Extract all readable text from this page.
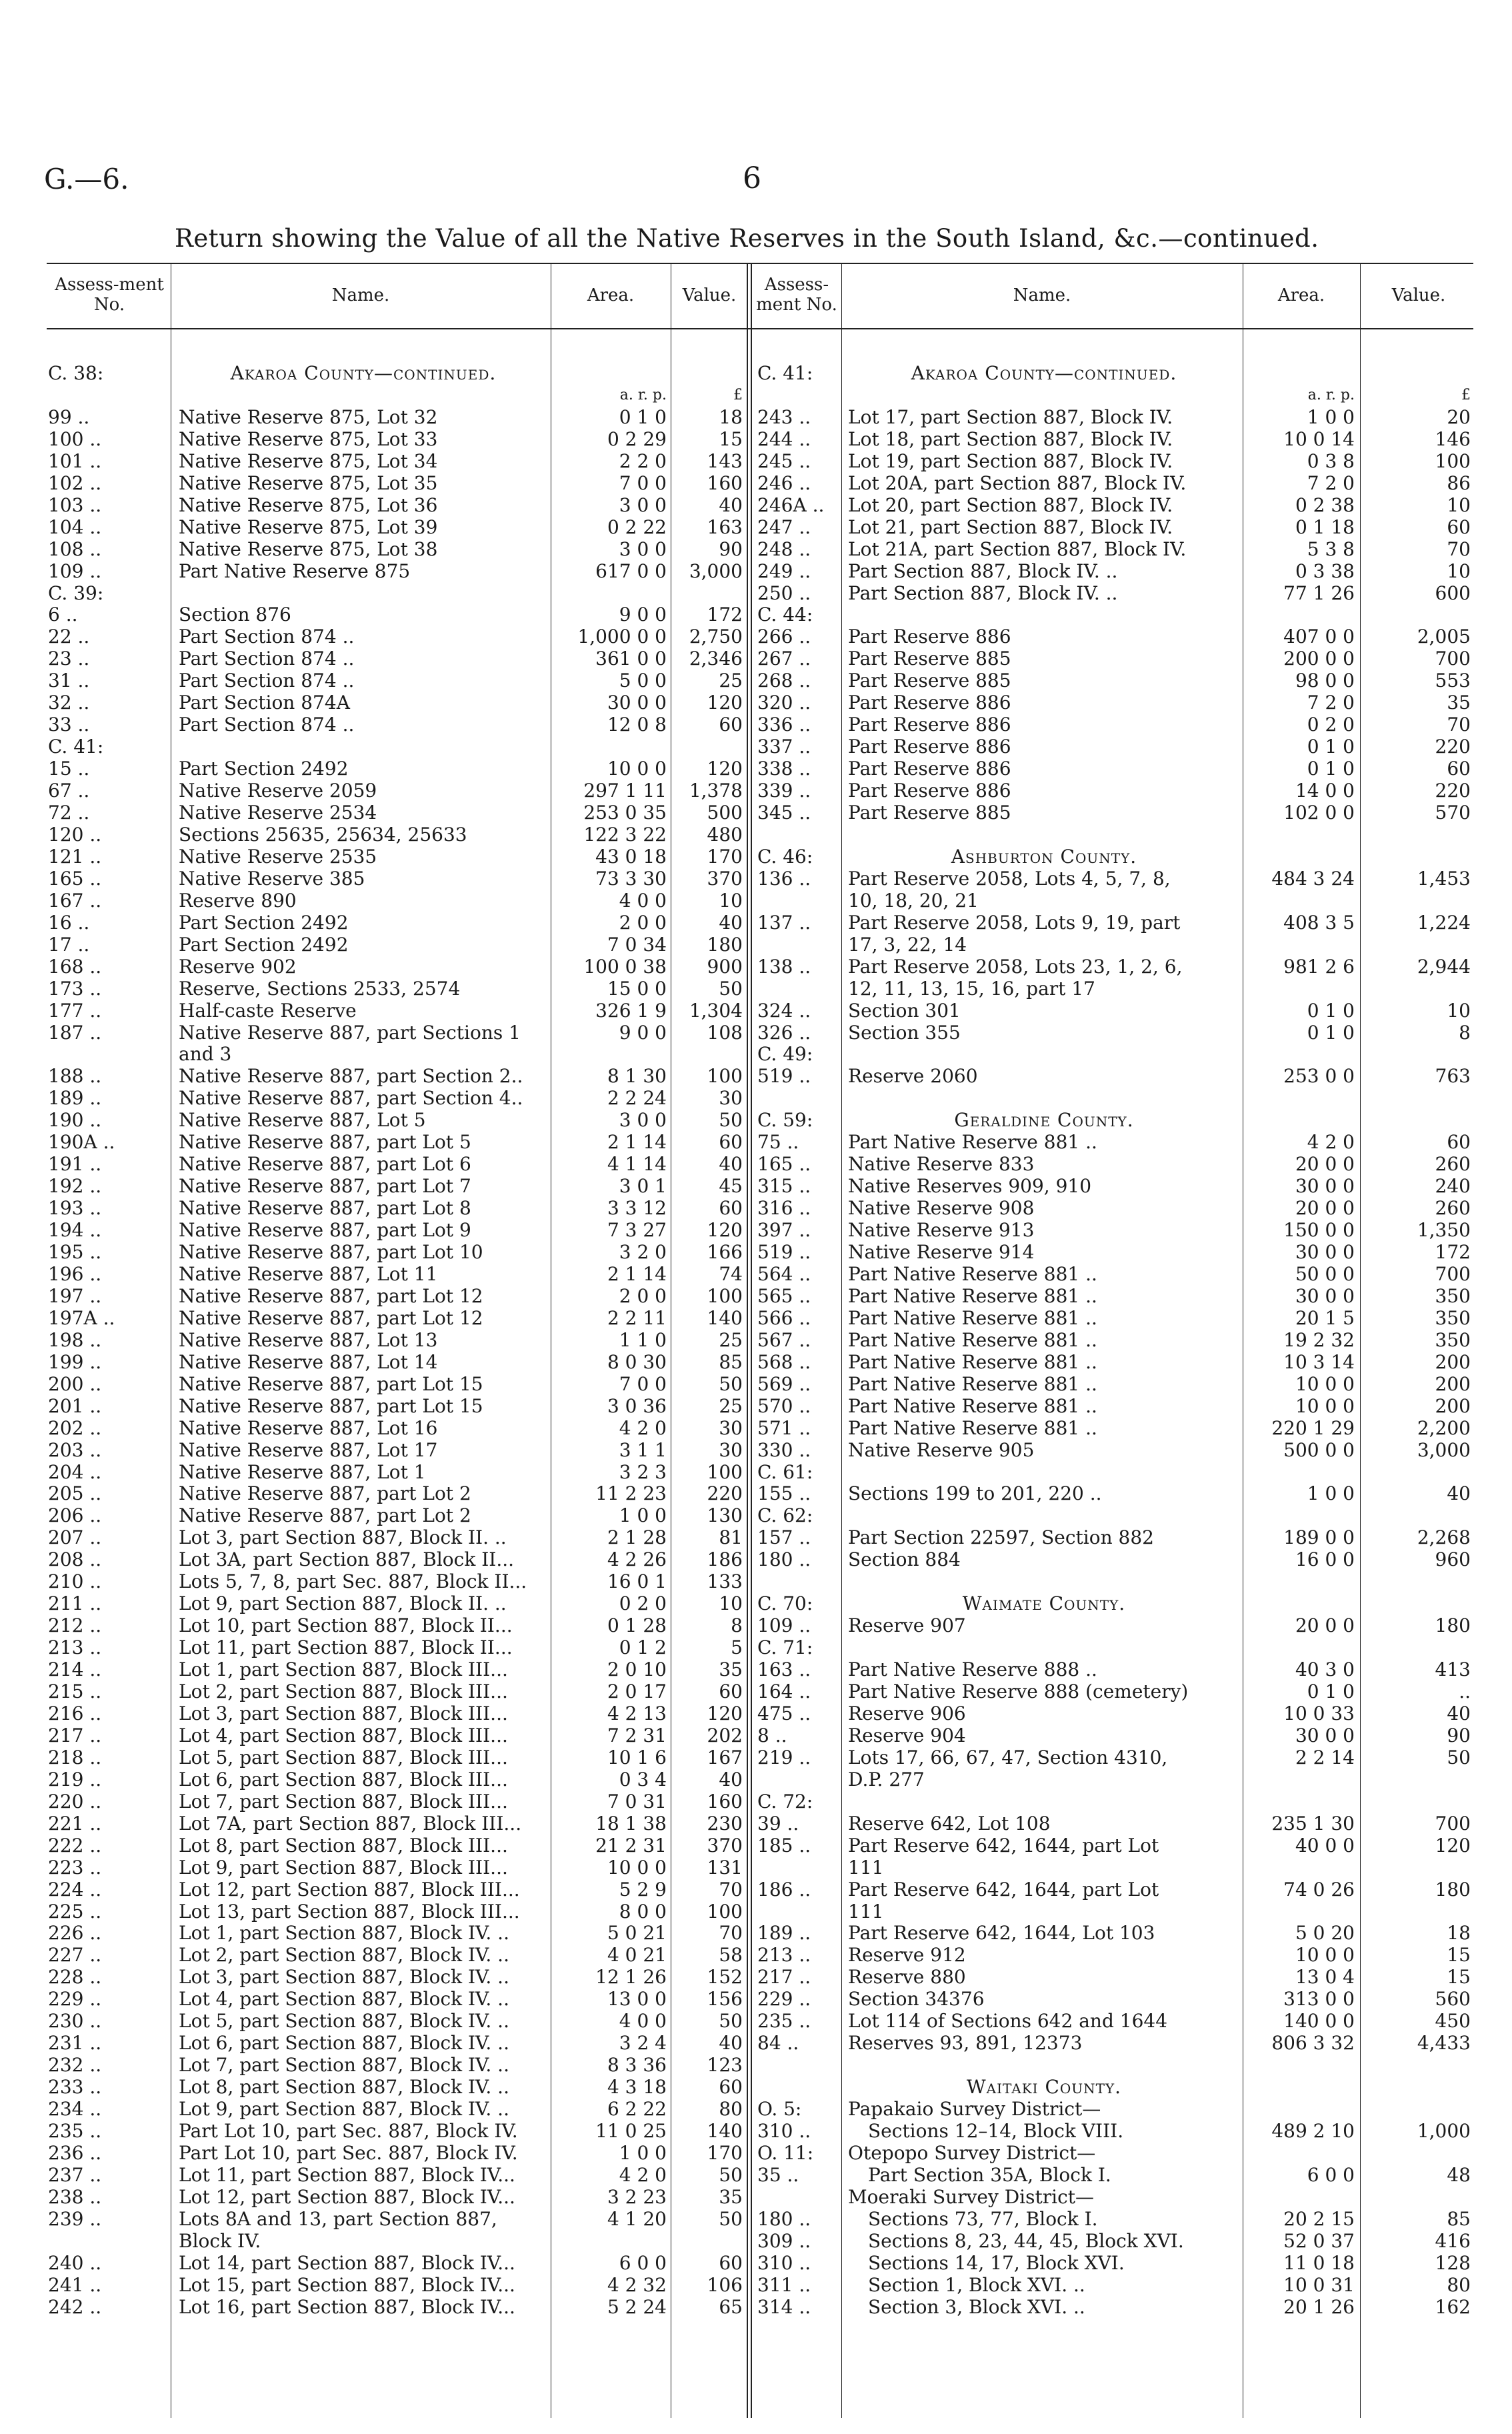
G.—6.	6
Return showing the Value of all the Native Reserves in the South Island, &c.—continued.
Assess-ment No.	Name.	Area.	Value.
Assess-ment No.	Name.	Area.	Value.
C. 38:	Akaroa County—continued.
a. r. p.	£
99 ..	Native Reserve 875, Lot 32	0 1 0	18
100 ..	Native Reserve 875, Lot 33	0 2 29	15
101 ..	Native Reserve 875, Lot 34	2 2 0	143
102 ..	Native Reserve 875, Lot 35	7 0 0	160
103 ..	Native Reserve 875, Lot 36	3 0 0	40
104 ..	Native Reserve 875, Lot 39	0 2 22	163
108 ..	Native Reserve 875, Lot 38	3 0 0	90
109 ..	Part Native Reserve 875	617 0 0	3,000
C. 39:
6 ..	Section 876	9 0 0	172
22 ..	Part Section 874 ..	1,000 0 0	2,750
23 ..	Part Section 874 ..	361 0 0	2,346
31 ..	Part Section 874 ..	5 0 0	25
32 ..	Part Section 874A	30 0 0	120
33 ..	Part Section 874 ..	12 0 8	60
C. 41:
15 ..	Part Section 2492	10 0 0	120
67 ..	Native Reserve 2059	297 1 11	1,378
72 ..	Native Reserve 2534	253 0 35	500
120 ..	Sections 25635, 25634, 25633	122 3 22	480
121 ..	Native Reserve 2535	43 0 18	170
165 ..	Native Reserve 385	73 3 30	370
167 ..	Reserve 890	4 0 0	10
16 ..	Part Section 2492	2 0 0	40
17 ..	Part Section 2492	7 0 34	180
168 ..	Reserve 902	100 0 38	900
173 ..	Reserve, Sections 2533, 2574	15 0 0	50
177 ..	Half-caste Reserve	326 1 9	1,304
187 ..	Native Reserve 887, part Sections 1	9 0 0	108
and 3
188 ..	Native Reserve 887, part Section 2..	8 1 30	100
189 ..	Native Reserve 887, part Section 4..	2 2 24	30
190 ..	Native Reserve 887, Lot 5	3 0 0	50
190A ..	Native Reserve 887, part Lot 5	2 1 14	60
191 ..	Native Reserve 887, part Lot 6	4 1 14	40
192 ..	Native Reserve 887, part Lot 7	3 0 1	45
193 ..	Native Reserve 887, part Lot 8	3 3 12	60
194 ..	Native Reserve 887, part Lot 9	7 3 27	120
195 ..	Native Reserve 887, part Lot 10	3 2 0	166
196 ..	Native Reserve 887, Lot 11	2 1 14	74
197 ..	Native Reserve 887, part Lot 12	2 0 0	100
197A ..	Native Reserve 887, part Lot 12	2 2 11	140
198 ..	Native Reserve 887, Lot 13	1 1 0	25
199 ..	Native Reserve 887, Lot 14	8 0 30	85
200 ..	Native Reserve 887, part Lot 15	7 0 0	50
201 ..	Native Reserve 887, part Lot 15	3 0 36	25
202 ..	Native Reserve 887, Lot 16	4 2 0	30
203 ..	Native Reserve 887, Lot 17	3 1 1	30
204 ..	Native Reserve 887, Lot 1	3 2 3	100
205 ..	Native Reserve 887, part Lot 2	11 2 23	220
206 ..	Native Reserve 887, part Lot 2	1 0 0	130
207 ..	Lot 3, part Section 887, Block II. ..	2 1 28	81
208 ..	Lot 3A, part Section 887, Block II...	4 2 26	186
210 ..	Lots 5, 7, 8, part Sec. 887, Block II...	16 0 1	133
211 ..	Lot 9, part Section 887, Block II. ..	0 2 0	10
212 ..	Lot 10, part Section 887, Block II...	0 1 28	8
213 ..	Lot 11, part Section 887, Block II...	0 1 2	5
214 ..	Lot 1, part Section 887, Block III...	2 0 10	35
215 ..	Lot 2, part Section 887, Block III...	2 0 17	60
216 ..	Lot 3, part Section 887, Block III...	4 2 13	120
217 ..	Lot 4, part Section 887, Block III...	7 2 31	202
218 ..	Lot 5, part Section 887, Block III...	10 1 6	167
219 ..	Lot 6, part Section 887, Block III...	0 3 4	40
220 ..	Lot 7, part Section 887, Block III...	7 0 31	160
221 ..	Lot 7A, part Section 887, Block III...	18 1 38	230
222 ..	Lot 8, part Section 887, Block III...	21 2 31	370
223 ..	Lot 9, part Section 887, Block III...	10 0 0	131
224 ..	Lot 12, part Section 887, Block III...	5 2 9	70
225 ..	Lot 13, part Section 887, Block III...	8 0 0	100
226 ..	Lot 1, part Section 887, Block IV. ..	5 0 21	70
227 ..	Lot 2, part Section 887, Block IV. ..	4 0 21	58
228 ..	Lot 3, part Section 887, Block IV. ..	12 1 26	152
229 ..	Lot 4, part Section 887, Block IV. ..	13 0 0	156
230 ..	Lot 5, part Section 887, Block IV. ..	4 0 0	50
231 ..	Lot 6, part Section 887, Block IV. ..	3 2 4	40
232 ..	Lot 7, part Section 887, Block IV. ..	8 3 36	123
233 ..	Lot 8, part Section 887, Block IV. ..	4 3 18	60
234 ..	Lot 9, part Section 887, Block IV. ..	6 2 22	80
235 ..	Part Lot 10, part Sec. 887, Block IV.	11 0 25	140
236 ..	Part Lot 10, part Sec. 887, Block IV.	1 0 0	170
237 ..	Lot 11, part Section 887, Block IV...	4 2 0	50
238 ..	Lot 12, part Section 887, Block IV...	3 2 23	35
239 ..	Lots 8A and 13, part Section 887,	4 1 20	50
Block IV.
240 ..	Lot 14, part Section 887, Block IV...	6 0 0	60
241 ..	Lot 15, part Section 887, Block IV...	4 2 32	106
242 ..	Lot 16, part Section 887, Block IV...	5 2 24	65
C. 41:	Akaroa County—continued.
a. r. p.	£
243 ..	Lot 17, part Section 887, Block IV.	1 0 0	20
244 ..	Lot 18, part Section 887, Block IV.	10 0 14	146
245 ..	Lot 19, part Section 887, Block IV.	0 3 8	100
246 ..	Lot 20A, part Section 887, Block IV.	7 2 0	86
246A ..	Lot 20, part Section 887, Block IV.	0 2 38	10
247 ..	Lot 21, part Section 887, Block IV.	0 1 18	60
248 ..	Lot 21A, part Section 887, Block IV.	5 3 8	70
249 ..	Part Section 887, Block IV. ..	0 3 38	10
250 ..	Part Section 887, Block IV. ..	77 1 26	600
C. 44:
266 ..	Part Reserve 886	407 0 0	2,005
267 ..	Part Reserve 885	200 0 0	700
268 ..	Part Reserve 885	98 0 0	553
320 ..	Part Reserve 886	7 2 0	35
336 ..	Part Reserve 886	0 2 0	70
337 ..	Part Reserve 886	0 1 0	220
338 ..	Part Reserve 886	0 1 0	60
339 ..	Part Reserve 886	14 0 0	220
345 ..	Part Reserve 885	102 0 0	570
C. 46:	Ashburton County.
136 ..	Part Reserve 2058, Lots 4, 5, 7, 8,	484 3 24	1,453
10, 18, 20, 21
137 ..	Part Reserve 2058, Lots 9, 19, part	408 3 5	1,224
17, 3, 22, 14
138 ..	Part Reserve 2058, Lots 23, 1, 2, 6,	981 2 6	2,944
12, 11, 13, 15, 16, part 17
324 ..	Section 301	0 1 0	10
326 ..	Section 355	0 1 0	8
C. 49:
519 ..	Reserve 2060	253 0 0	763
C. 59:	Geraldine County.
75 ..	Part Native Reserve 881 ..	4 2 0	60
165 ..	Native Reserve 833	20 0 0	260
315 ..	Native Reserves 909, 910	30 0 0	240
316 ..	Native Reserve 908	20 0 0	260
397 ..	Native Reserve 913	150 0 0	1,350
519 ..	Native Reserve 914	30 0 0	172
564 ..	Part Native Reserve 881 ..	50 0 0	700
565 ..	Part Native Reserve 881 ..	30 0 0	350
566 ..	Part Native Reserve 881 ..	20 1 5	350
567 ..	Part Native Reserve 881 ..	19 2 32	350
568 ..	Part Native Reserve 881 ..	10 3 14	200
569 ..	Part Native Reserve 881 ..	10 0 0	200
570 ..	Part Native Reserve 881 ..	10 0 0	200
571 ..	Part Native Reserve 881 ..	220 1 29	2,200
330 ..	Native Reserve 905	500 0 0	3,000
C. 61:
155 ..	Sections 199 to 201, 220 ..	1 0 0	40
C. 62:
157 ..	Part Section 22597, Section 882	189 0 0	2,268
180 ..	Section 884	16 0 0	960
C. 70:	Waimate County.
109 ..	Reserve 907	20 0 0	180
C. 71:
163 ..	Part Native Reserve 888 ..	40 3 0	413
164 ..	Part Native Reserve 888 (cemetery)	0 1 0	..
475 ..	Reserve 906	10 0 33	40
8 ..	Reserve 904	30 0 0	90
219 ..	Lots 17, 66, 67, 47, Section 4310,	2 2 14	50
D.P. 277
C. 72:
39 ..	Reserve 642, Lot 108	235 1 30	700
185 ..	Part Reserve 642, 1644, part Lot	40 0 0	120
111
186 ..	Part Reserve 642, 1644, part Lot	74 0 26	180
111
189 ..	Part Reserve 642, 1644, Lot 103	5 0 20	18
213 ..	Reserve 912	10 0 0	15
217 ..	Reserve 880	13 0 4	15
229 ..	Section 34376	313 0 0	560
235 ..	Lot 114 of Sections 642 and 1644	140 0 0	450
84 ..	Reserves 93, 891, 12373	806 3 32	4,433
Waitaki County.
O. 5:	Papakaio Survey District—
310 ..	Sections 12–14, Block VIII.	489 2 10	1,000
O. 11:	Otepopo Survey District—
35 ..	Part Section 35A, Block I.	6 0 0	48
Moeraki Survey District—
180 ..	Sections 73, 77, Block I.	20 2 15	85
309 ..	Sections 8, 23, 44, 45, Block XVI.	52 0 37	416
310 ..	Sections 14, 17, Block XVI.	11 0 18	128
311 ..	Section 1, Block XVI. ..	10 0 31	80
314 ..	Section 3, Block XVI. ..	20 1 26	162
